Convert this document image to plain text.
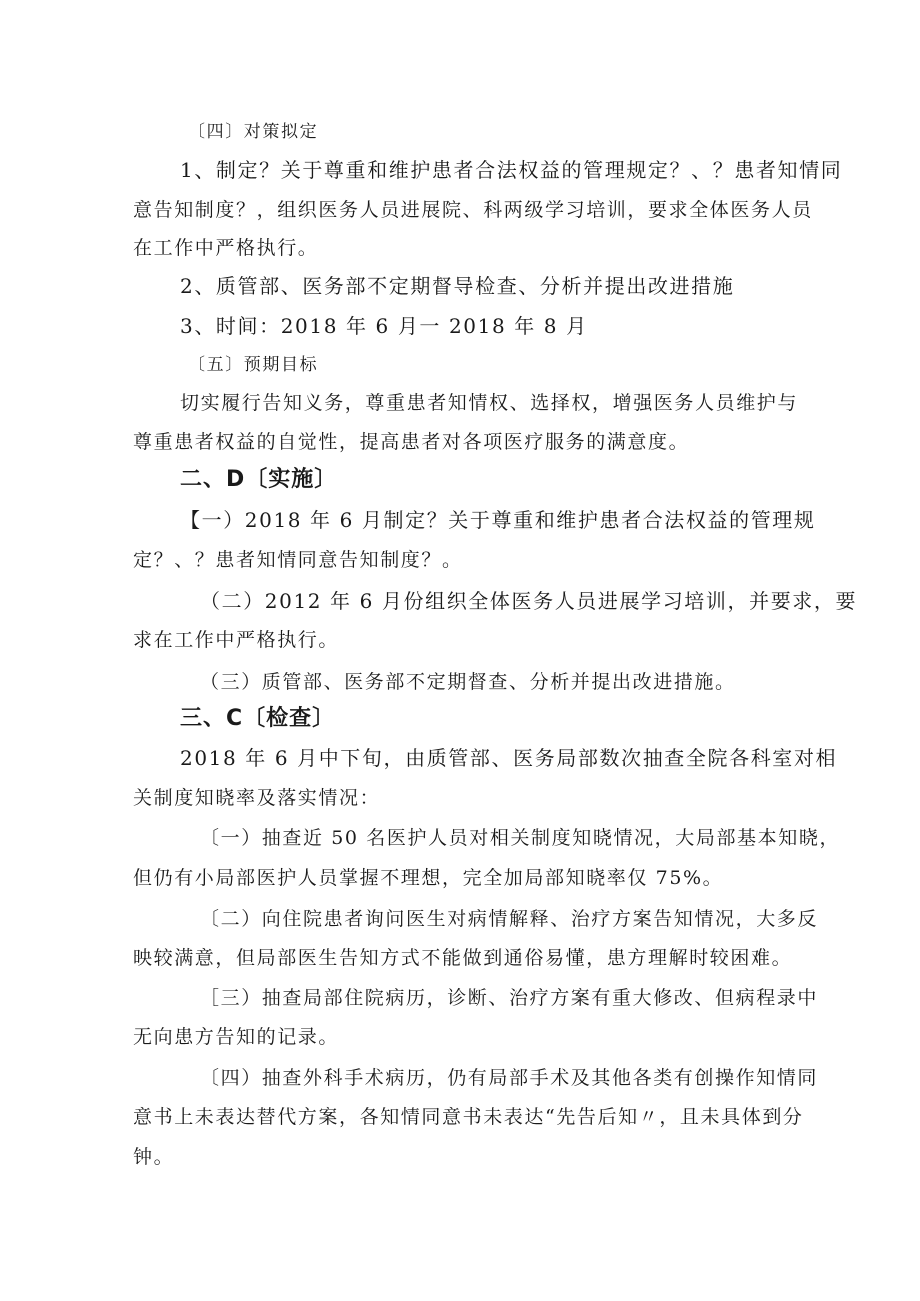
〔四〕对策拟定

1、制定？关于尊重和维护患者合法权益的管理规定？、？患者知情同

意告知制度？，组织医务人员进展院、科两级学习培训，要求全体医务人员

在工作中严格执行。

2、质管部、医务部不定期督导检查、分析并提出改进措施

3、时间：2018 年 6 月一 2018 年 8 月

〔五〕预期目标

切实履行告知义务，尊重患者知情权、选择权，增强医务人员维护与

尊重患者权益的自觉性，提高患者对各项医疗服务的满意度。

二、D〔实施〕

【一）2018 年 6 月制定？关于尊重和维护患者合法权益的管理规

定？、？患者知情同意告知制度？。

（二）2012 年 6 月份组织全体医务人员进展学习培训，并要求，要

求在工作中严格执行。

（三）质管部、医务部不定期督查、分析并提出改进措施。

三、C〔检查〕

2018 年 6 月中下旬，由质管部、医务局部数次抽查全院各科室对相

关制度知晓率及落实情况：

〔一）抽查近 50 名医护人员对相关制度知晓情况，大局部基本知晓，

但仍有小局部医护人员掌握不理想，完全加局部知晓率仅 75%。

〔二）向住院患者询问医生对病情解释、治疗方案告知情况，大多反

映较满意，但局部医生告知方式不能做到通俗易懂，患方理解时较困难。

［三）抽查局部住院病历，诊断、治疗方案有重大修改、但病程录中

无向患方告知的记录。

〔四）抽查外科手术病历，仍有局部手术及其他各类有创操作知情同

意书上未表达替代方案，各知情同意书未表达“先告后知〃，且未具体到分

钟。
